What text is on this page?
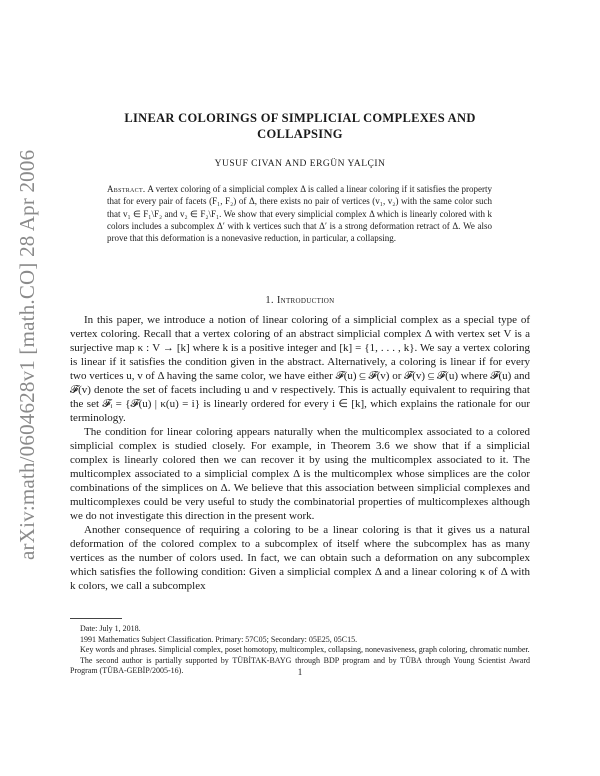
arXiv:math/0604628v1 [math.CO] 28 Apr 2006
LINEAR COLORINGS OF SIMPLICIAL COMPLEXES AND COLLAPSING
YUSUF CIVAN AND ERGÜN YALÇIN
Abstract. A vertex coloring of a simplicial complex Δ is called a linear coloring if it satisfies the property that for every pair of facets (F₁, F₂) of Δ, there exists no pair of vertices (v₁, v₂) with the same color such that v₁ ∈ F₁\F₂ and v₂ ∈ F₂\F₁. We show that every simplicial complex Δ which is linearly colored with k colors includes a subcomplex Δ′ with k vertices such that Δ′ is a strong deformation retract of Δ. We also prove that this deformation is a nonevasive reduction, in particular, a collapsing.
1. Introduction

In this paper, we introduce a notion of linear coloring of a simplicial complex as a special type of vertex coloring. Recall that a vertex coloring of an abstract simplicial complex Δ with vertex set V is a surjective map κ : V → [k] where k is a positive integer and [k] = {1, . . . , k}. We say a vertex coloring is linear if it satisfies the condition given in the abstract. Alternatively, a coloring is linear if for every two vertices u, v of Δ having the same color, we have either 𝓕(u) ⊆ 𝓕(v) or 𝓕(v) ⊆ 𝓕(u) where 𝓕(u) and 𝓕(v) denote the set of facets including u and v respectively. This is actually equivalent to requiring that the set 𝓕ᵢ = {𝓕(u) | κ(u) = i} is linearly ordered for every i ∈ [k], which explains the rationale for our terminology.

The condition for linear coloring appears naturally when the multicomplex associated to a colored simplicial complex is studied closely. For example, in Theorem 3.6 we show that if a simplicial complex is linearly colored then we can recover it by using the multicomplex associated to it. The multicomplex associated to a simplicial complex Δ is the multicomplex whose simplices are the color combinations of the simplices on Δ. We believe that this association between simplicial complexes and multicomplexes could be very useful to study the combinatorial properties of multicomplexes although we do not investigate this direction in the present work.

Another consequence of requiring a coloring to be a linear coloring is that it gives us a natural deformation of the colored complex to a subcomplex of itself where the subcomplex has as many vertices as the number of colors used. In fact, we can obtain such a deformation on any subcomplex which satisfies the following condition: Given a simplicial complex Δ and a linear coloring κ of Δ with k colors, we call a subcomplex

Date: July 1, 2018.

1991 Mathematics Subject Classification. Primary: 57C05; Secondary: 05E25, 05C15.

Key words and phrases. Simplicial complex, poset homotopy, multicomplex, collapsing, nonevasiveness, graph coloring, chromatic number.

The second author is partially supported by TÜBİTAK-BAYG through BDP program and by TÜBA through Young Scientist Award Program (TÜBA-GEBİP/2005-16).	1
